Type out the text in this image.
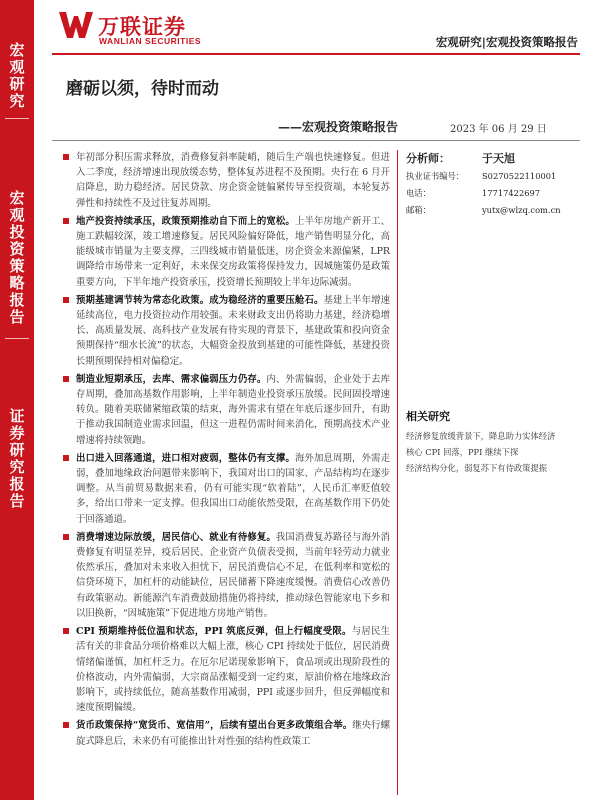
宏
观
研
究
宏
观
投
资
策
略
报
告
证
券
研
究
报
告
万联证券
WANLIAN SECURITIES	宏观研究|宏观投资策略报告
磨砺以须，待时而动
——宏观投资策略报告	2023 年 06 月 29 日
年初部分积压需求释放，消费修复斜率陡峭，随后生产端也快速修复。但进入二季度，经济增速出现放缓态势，整体复苏进程不及预期。央行在 6 月开启降息，助力稳经济。居民贷款、房企资金链偏紧传导至投资端，本轮复苏弹性和持续性不及过往复苏周期。
地产投资持续承压，政策预期推动自下而上的宽松。上半年房地产新开工、施工跌幅较深，竣工增速修复。居民风险偏好降低，地产销售明显分化，高能级城市销量为主要支撑，三四线城市销量低迷，房企资金来源偏紧，LPR 调降给市场带来一定利好，未来保交房政策将保持发力，因城施策仍是政策重要方向，下半年地产投资承压，投资增长预期较上半年边际减弱。
预期基建调节转为常态化政策。成为稳经济的重要压舱石。基建上半年增速延续高位，电力投资拉动作用较强。未来财政支出仍将助力基建，经济稳增长、高质量发展、高科技产业发展有待实现的背景下，基建政策和投向资金预期保持“细水长流”的状态，大幅资金投放到基建的可能性降低，基建投资长期预期保持相对偏稳定。
制造业短期承压，去库、需求偏弱压力仍存。内、外需偏弱，企业处于去库存周期，叠加高基数作用影响，上半年制造业投资承压放缓。民间固投增速转负。随着美联储紧缩政策的结束，海外需求有望在年底后逐步回升，有助于推动我国制造业需求回温，但这一进程仍需时间来消化，预期高技术产业增速将持续领跑。
出口进入回落通道，进口相对疲弱，整体仍有支撑。海外加息周期，外需走弱，叠加地缘政治问题带来影响下，我国对出口的国家、产品结构均在逐步调整。从当前贸易数据来看，仍有可能实现“软着陆”，人民币汇率贬值较多，给出口带来一定支撑。但我国出口动能依然受限，在高基数作用下仍处于回落通道。
消费增速边际放缓，居民信心、就业有待修复。我国消费复苏路径与海外消费修复有明显差异，疫后居民、企业资产负债表受损，当前年轻劳动力就业依然承压，叠加对未来收入担忧下，居民消费信心不足，在低利率和宽松的信贷环境下，加杠杆的动能缺位，居民储蓄下降速度缓慢。消费信心改善仍有政策驱动。新能源汽车消费鼓励措施仍将持续，推动绿色智能家电下乡和以旧换新，“因城施策”下促进地方房地产销售。
CPI 预期维持低位温和状态，PPI 筑底反弹，但上行幅度受限。与居民生活有关的非食品分项价格难以大幅上涨，核心 CPI 持续处于低位，居民消费情绪偏谨慎，加杠杆乏力。在厄尔尼诺现象影响下，食品项或出现阶段性的价格波动，内外需偏弱，大宗商品涨幅受到一定约束，原油价格在地缘政治影响下，或持续低位，随高基数作用减弱，PPI 或逐步回升，但反弹幅度和速度预期偏缓。
货币政策保持“宽货币、宽信用”，后续有望出台更多政策组合举。继央行螺旋式降息后，未来仍有可能推出针对性强的结构性政策工
分析师：	于天旭
执业证书编号： S0270522110001
电话：	17717422697
邮箱：	yutx@wlzq.com.cn
相关研究
经济修复放缓背景下，降息助力实体经济
核心 CPI 回落，PPI 继续下探
经济结构分化，弱复苏下有待政策提振
